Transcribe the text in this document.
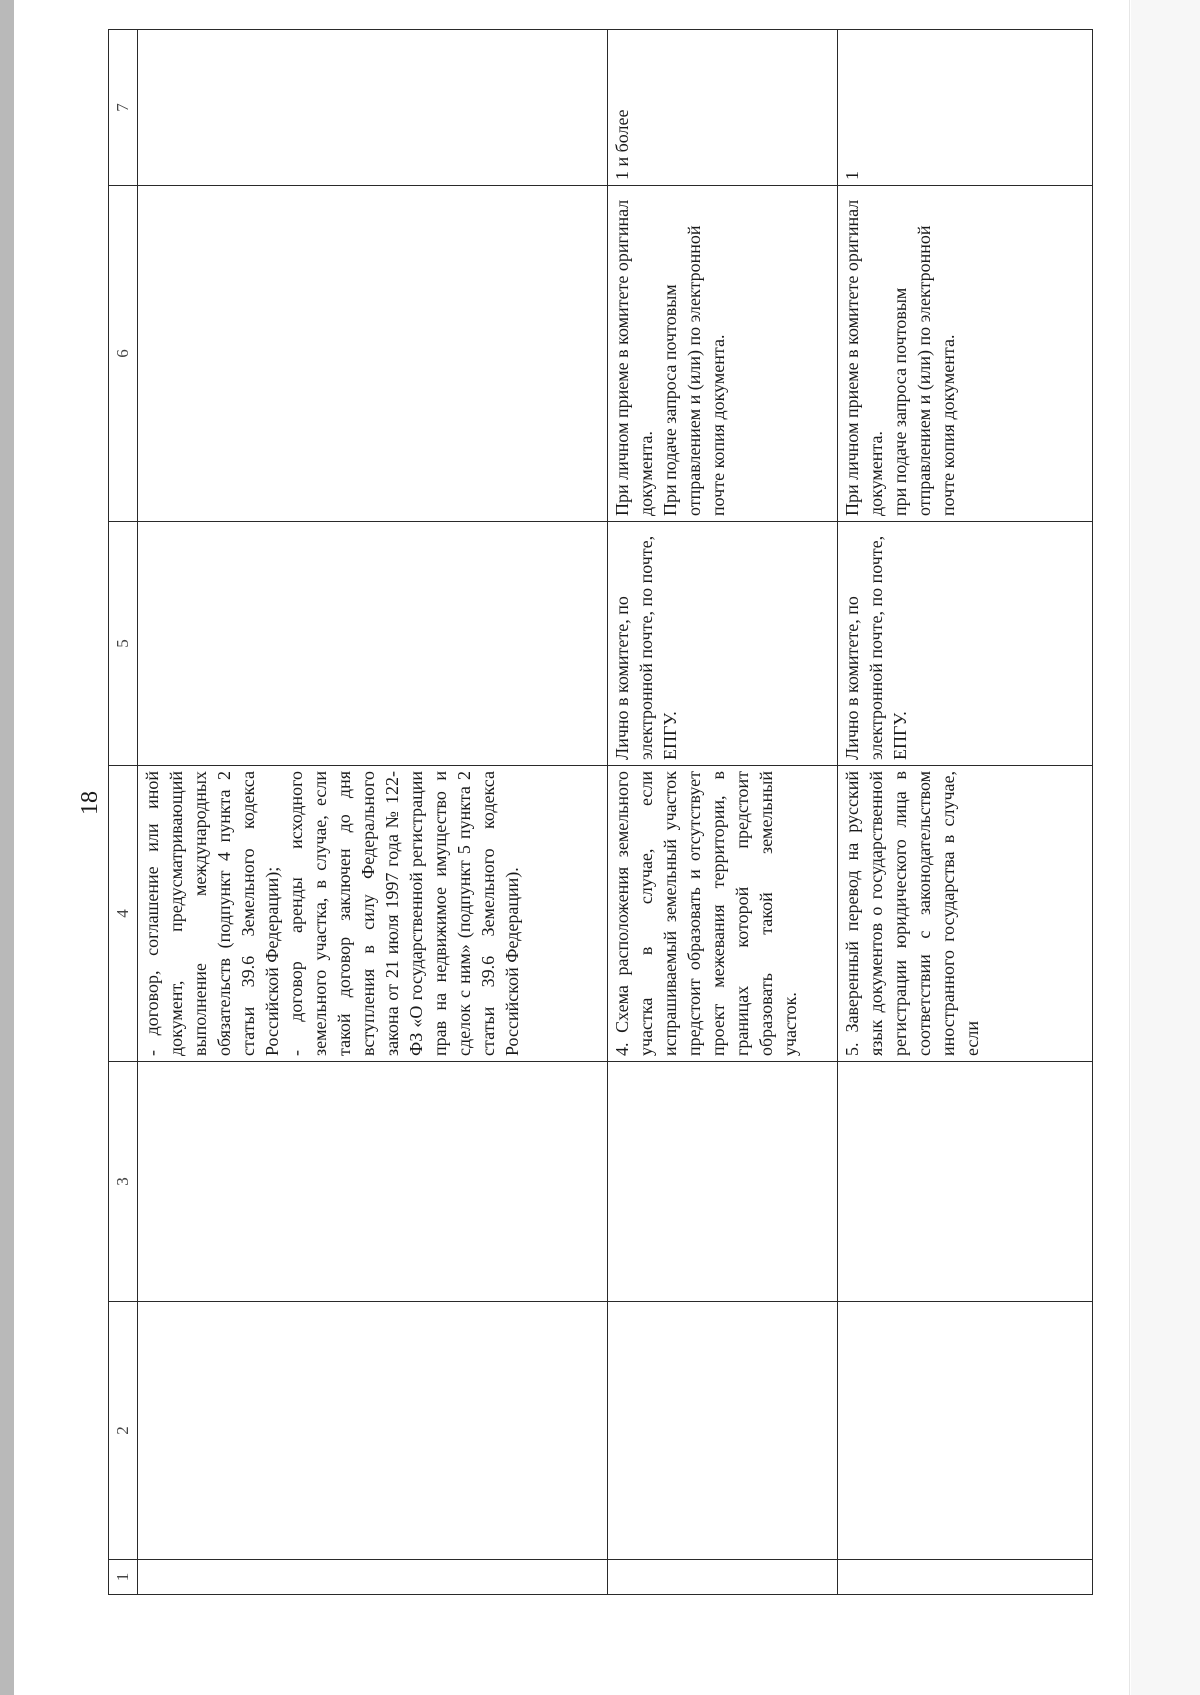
18
1	2	3	4	5	6	7
			- договор, соглашение или иной документ, предусматривающий выполнение международных обязательств (подпункт 4 пункта 2 статьи 39.6 Земельного кодекса Российской Федерации);
- договор аренды исходного земельного участка, в случае, если такой договор заключен до дня вступления в силу Федерального закона от 21 июля 1997 года № 122-ФЗ «О государственной регистрации прав на недвижимое имущество и сделок с ним» (подпункт 5 пункта 2 статьи 39.6 Земельного кодекса Российской Федерации).			
			4. Схема расположения земельного участка в случае, если испрашиваемый земельный участок предстоит образовать и отсутствует проект межевания территории, в границах которой предстоит образовать такой земельный участок.	Лично в комитете, по электронной почте, по почте, ЕПГУ.	При личном приеме в комитете оригинал документа. При подаче запроса почтовым отправлением и (или) по электронной почте копия документа.	1 и более
			5. Заверенный перевод на русский язык документов о государственной регистрации юридического лица в соответствии с законодательством иностранного государства в случае, если	Лично в комитете, по электронной почте, по почте, ЕПГУ.	При личном приеме в комитете оригинал документа. при подаче запроса почтовым отправлением и (или) по электронной почте копия документа.	1
